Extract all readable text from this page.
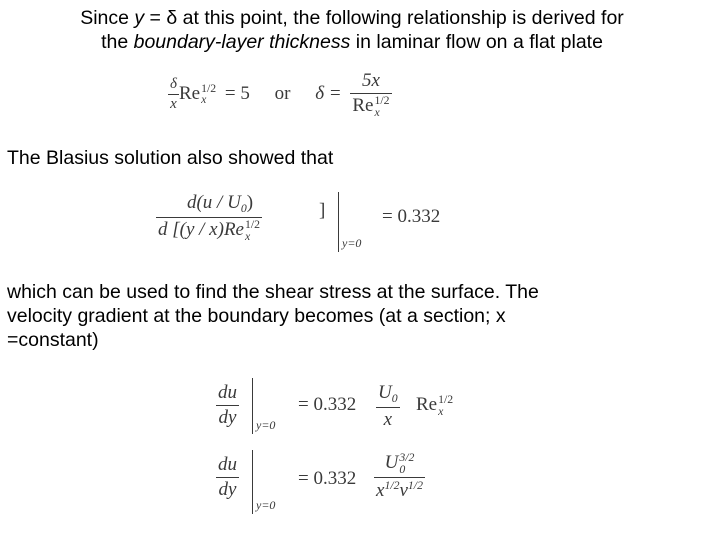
Since y = δ at this point, the following relationship is derived for
the boundary-layer thickness in laminar flow on a flat plate

$\frac{\delta}{x}$ Re 1/2
x = 5 or δ = 5x
Re 1/2
x

The Blasius solution also showed that

$d(u / U_0)$
d [(y / x)Re 1/2
x	]
y=0
= 0.332

which can be used to find the shear stress at the surface. The
velocity gradient at the boundary becomes (at a section; x
=constant)

$\frac{du}{dy} y=0$
= $0.332 \frac{U_0}{x}$ Re 1/2
x
$\frac{du}{dy}$
y=0
= 0.332 U 3/2
0
$x^{1/2}\nu^{1/2}$
